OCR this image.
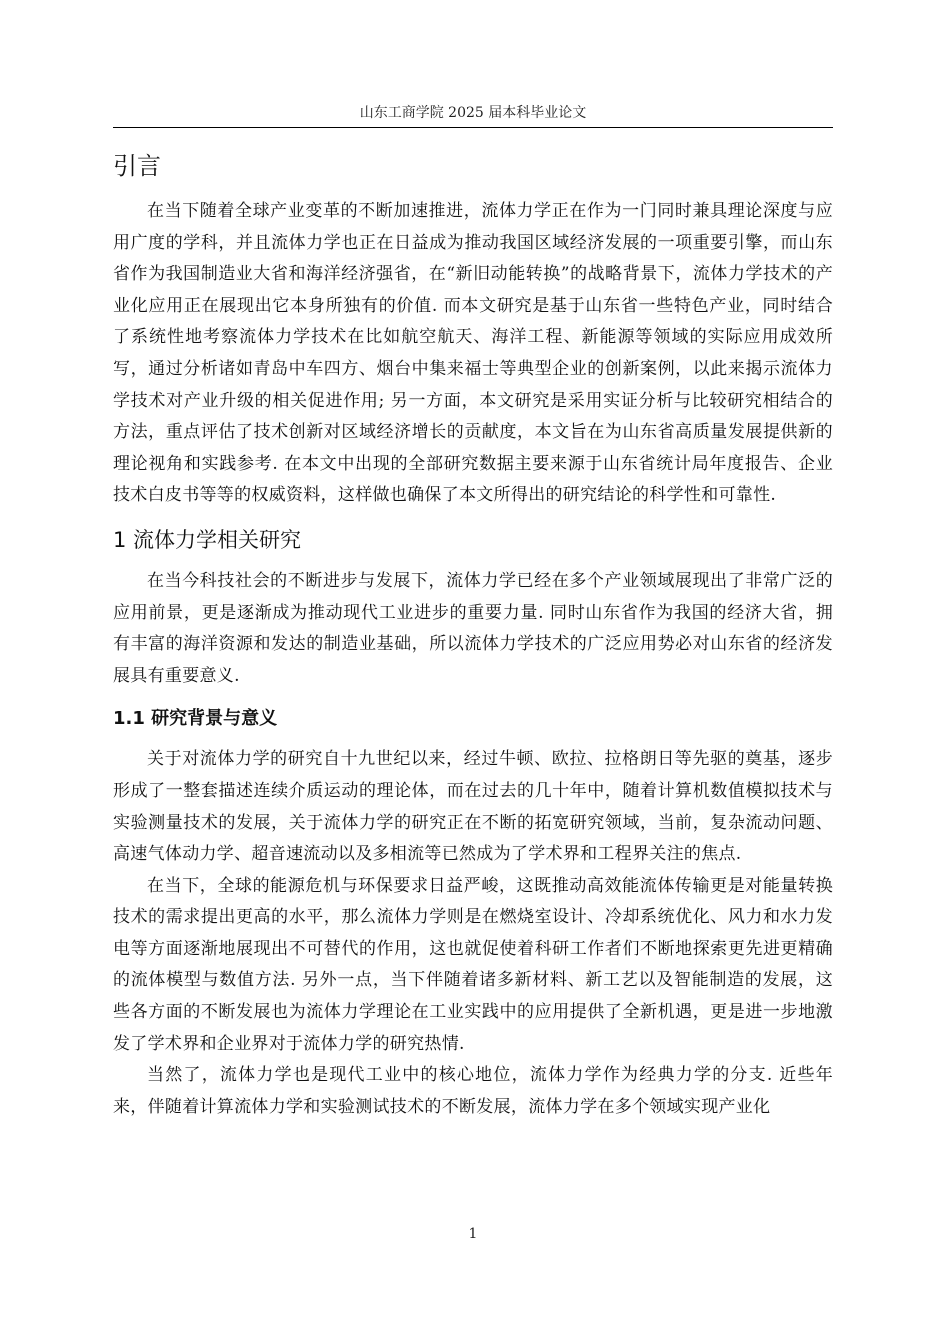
山东工商学院 2025 届本科毕业论文
引言

在当下随着全球产业变革的不断加速推进，流体力学正在作为一门同时兼具理论深度与应用广度的学科，并且流体力学也正在日益成为推动我国区域经济发展的一项重要引擎，而山东省作为我国制造业大省和海洋经济强省，在“新旧动能转换”的战略背景下，流体力学技术的产业化应用正在展现出它本身所独有的价值. 而本文研究是基于山东省一些特色产业，同时结合了系统性地考察流体力学技术在比如航空航天、海洋工程、新能源等领域的实际应用成效所写，通过分析诸如青岛中车四方、烟台中集来福士等典型企业的创新案例，以此来揭示流体力学技术对产业升级的相关促进作用; 另一方面，本文研究是采用实证分析与比较研究相结合的方法，重点评估了技术创新对区域经济增长的贡献度，本文旨在为山东省高质量发展提供新的理论视角和实践参考. 在本文中出现的全部研究数据主要来源于山东省统计局年度报告、企业技术白皮书等等的权威资料，这样做也确保了本文所得出的研究结论的科学性和可靠性.

1 流体力学相关研究

在当今科技社会的不断进步与发展下，流体力学已经在多个产业领域展现出了非常广泛的应用前景，更是逐渐成为推动现代工业进步的重要力量. 同时山东省作为我国的经济大省，拥有丰富的海洋资源和发达的制造业基础，所以流体力学技术的广泛应用势必对山东省的经济发展具有重要意义.

1.1 研究背景与意义

关于对流体力学的研究自十九世纪以来，经过牛顿、欧拉、拉格朗日等先驱的奠基，逐步形成了一整套描述连续介质运动的理论体，而在过去的几十年中，随着计算机数值模拟技术与实验测量技术的发展，关于流体力学的研究正在不断的拓宽研究领域，当前，复杂流动问题、高速气体动力学、超音速流动以及多相流等已然成为了学术界和工程界关注的焦点.

在当下，全球的能源危机与环保要求日益严峻，这既推动高效能流体传输更是对能量转换技术的需求提出更高的水平，那么流体力学则是在燃烧室设计、冷却系统优化、风力和水力发电等方面逐渐地展现出不可替代的作用，这也就促使着科研工作者们不断地探索更先进更精确的流体模型与数值方法. 另外一点，当下伴随着诸多新材料、新工艺以及智能制造的发展，这些各方面的不断发展也为流体力学理论在工业实践中的应用提供了全新机遇，更是进一步地激发了学术界和企业界对于流体力学的研究热情.

当然了，流体力学也是现代工业中的核心地位，流体力学作为经典力学的分支. 近些年来，伴随着计算流体力学和实验测试技术的不断发展，流体力学在多个领域实现产业化

1
